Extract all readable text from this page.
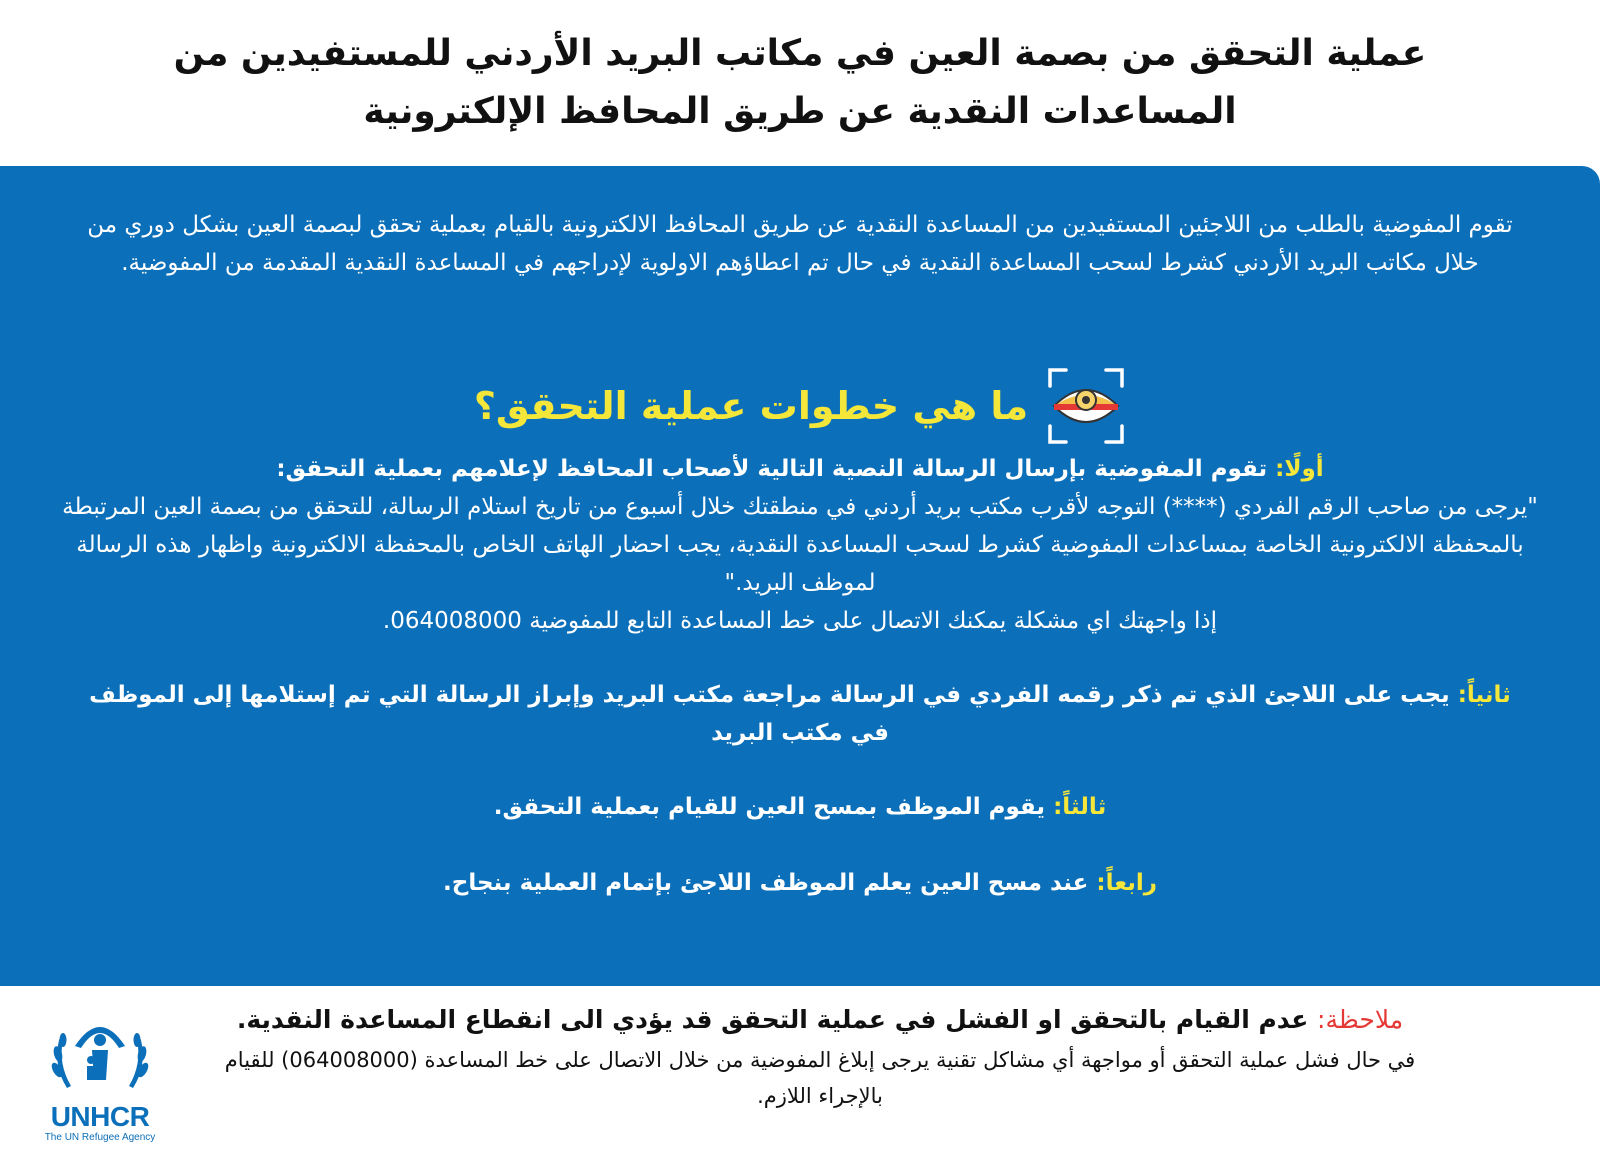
عملية التحقق من بصمة العين في مكاتب البريد الأردني للمستفيدين من المساعدات النقدية عن طريق المحافظ الإلكترونية
تقوم المفوضية بالطلب من اللاجئين المستفيدين من المساعدة النقدية عن طريق المحافظ الالكترونية بالقيام بعملية تحقق لبصمة العين بشكل دوري من خلال مكاتب البريد الأردني كشرط لسحب المساعدة النقدية في حال تم اعطاؤهم الاولوية لإدراجهم في المساعدة النقدية المقدمة من المفوضية.
ما هي خطوات عملية التحقق؟
أولًا: تقوم المفوضية بإرسال الرسالة النصية التالية لأصحاب المحافظ لإعلامهم بعملية التحقق:
"يرجى من صاحب الرقم الفردي (****) التوجه لأقرب مكتب بريد أردني في منطقتك خلال أسبوع من تاريخ استلام الرسالة، للتحقق من بصمة العين المرتبطة بالمحفظة الالكترونية الخاصة بمساعدات المفوضية كشرط لسحب المساعدة النقدية، يجب احضار الهاتف الخاص بالمحفظة الالكترونية واظهار هذه الرسالة لموظف البريد."
إذا واجهتك اي مشكلة يمكنك الاتصال على خط المساعدة التابع للمفوضية 064008000.
ثانياً: يجب على اللاجئ الذي تم ذكر رقمه الفردي في الرسالة مراجعة مكتب البريد وإبراز الرسالة التي تم إستلامها إلى الموظف في مكتب البريد
ثالثاً: يقوم الموظف بمسح العين للقيام بعملية التحقق.
رابعاً: عند مسح العين يعلم الموظف اللاجئ بإتمام العملية بنجاح.
ملاحظة: عدم القيام بالتحقق او الفشل في عملية التحقق قد يؤدي الى انقطاع المساعدة النقدية.
في حال فشل عملية التحقق أو مواجهة أي مشاكل تقنية يرجى إبلاغ المفوضية من خلال الاتصال على خط المساعدة (064008000) للقيام بالإجراء اللازم.
UNHCR
The UN Refugee Agency
